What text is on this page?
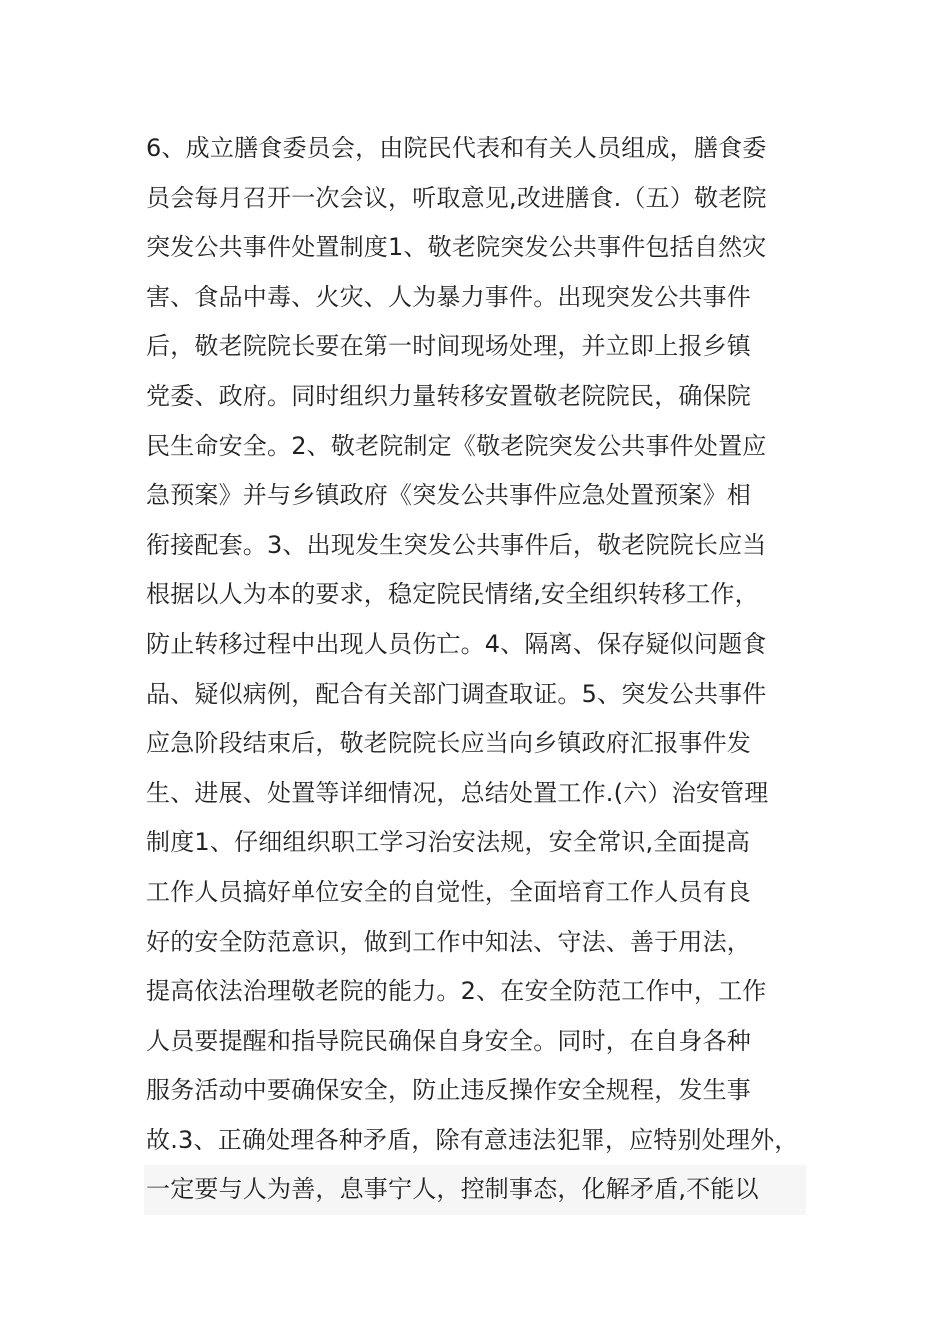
6、成立膳食委员会，由院民代表和有关人员组成，膳食委
员会每月召开一次会议，听取意见,改进膳食.（五）敬老院
突发公共事件处置制度1、敬老院突发公共事件包括自然灾
害、食品中毒、火灾、人为暴力事件。出现突发公共事件
后，敬老院院长要在第一时间现场处理，并立即上报乡镇
党委、政府。同时组织力量转移安置敬老院院民，确保院
民生命安全。2、敬老院制定《敬老院突发公共事件处置应
急预案》并与乡镇政府《突发公共事件应急处置预案》相
衔接配套。3、出现发生突发公共事件后，敬老院院长应当
根据以人为本的要求，稳定院民情绪,安全组织转移工作，
防止转移过程中出现人员伤亡。4、隔离、保存疑似问题食
品、疑似病例，配合有关部门调查取证。5、突发公共事件
应急阶段结束后，敬老院院长应当向乡镇政府汇报事件发
生、进展、处置等详细情况，总结处置工作.(六）治安管理
制度1、仔细组织职工学习治安法规，安全常识,全面提高
工作人员搞好单位安全的自觉性，全面培育工作人员有良
好的安全防范意识，做到工作中知法、守法、善于用法，
提高依法治理敬老院的能力。2、在安全防范工作中，工作
人员要提醒和指导院民确保自身安全。同时，在自身各种
服务活动中要确保安全，防止违反操作安全规程，发生事
故.3、正确处理各种矛盾，除有意违法犯罪，应特别处理外，
一定要与人为善，息事宁人，控制事态，化解矛盾,不能以
